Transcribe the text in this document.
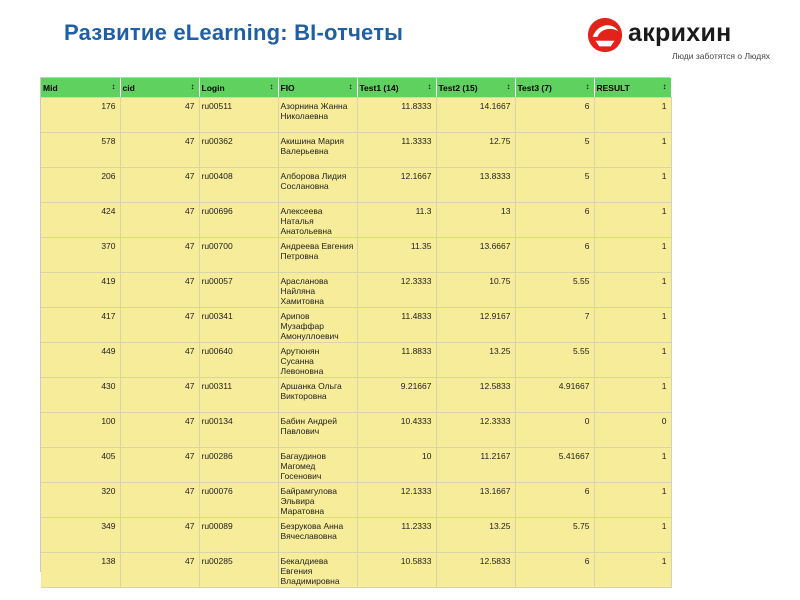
Развитие eLearning: BI-отчеты	акрихин
Люди заботятся о Людях
Mid ↕	cid ↕	Login ↕	FIO ↕	Test1 (14) ↕	Test2 (15) ↕	Test3 (7) ↕	RESULT ↕

176	47	ru00511	Азорнина Жанна Николаевна	11.8333	14.1667	6	1
578	47	ru00362	Акишина Мария Валерьевна	11.3333	12.75	5	1
206	47	ru00408	Алборова Лидия Сослановна	12.1667	13.8333	5	1
424	47	ru00696	Алексеева Наталья Анатольевна	11.3	13	6	1
370	47	ru00700	Андреева Евгения Петровна	11.35	13.6667	6	1
419	47	ru00057	Арасланова Найляна Хамитовна	12.3333	10.75	5.55	1
417	47	ru00341	Арипов Музаффар Амонуллоевич	11.4833	12.9167	7	1
449	47	ru00640	Арутюнян Сусанна Левоновна	11.8833	13.25	5.55	1
430	47	ru00311	Аршанка Ольга Викторовна	9.21667	12.5833	4.91667	1
100	47	ru00134	Бабин Андрей Павлович	10.4333	12.3333	0	0
405	47	ru00286	Багаудинов Магомед Госенович	10	11.2167	5.41667	1
320	47	ru00076	Байрамгулова Эльвира Маратовна	12.1333	13.1667	6	1
349	47	ru00089	Безрукова Анна Вячеславовна	11.2333	13.25	5.75	1
138	47	ru00285	Бекалдиева Евгения Владимировна	10.5833	12.5833	6	1
